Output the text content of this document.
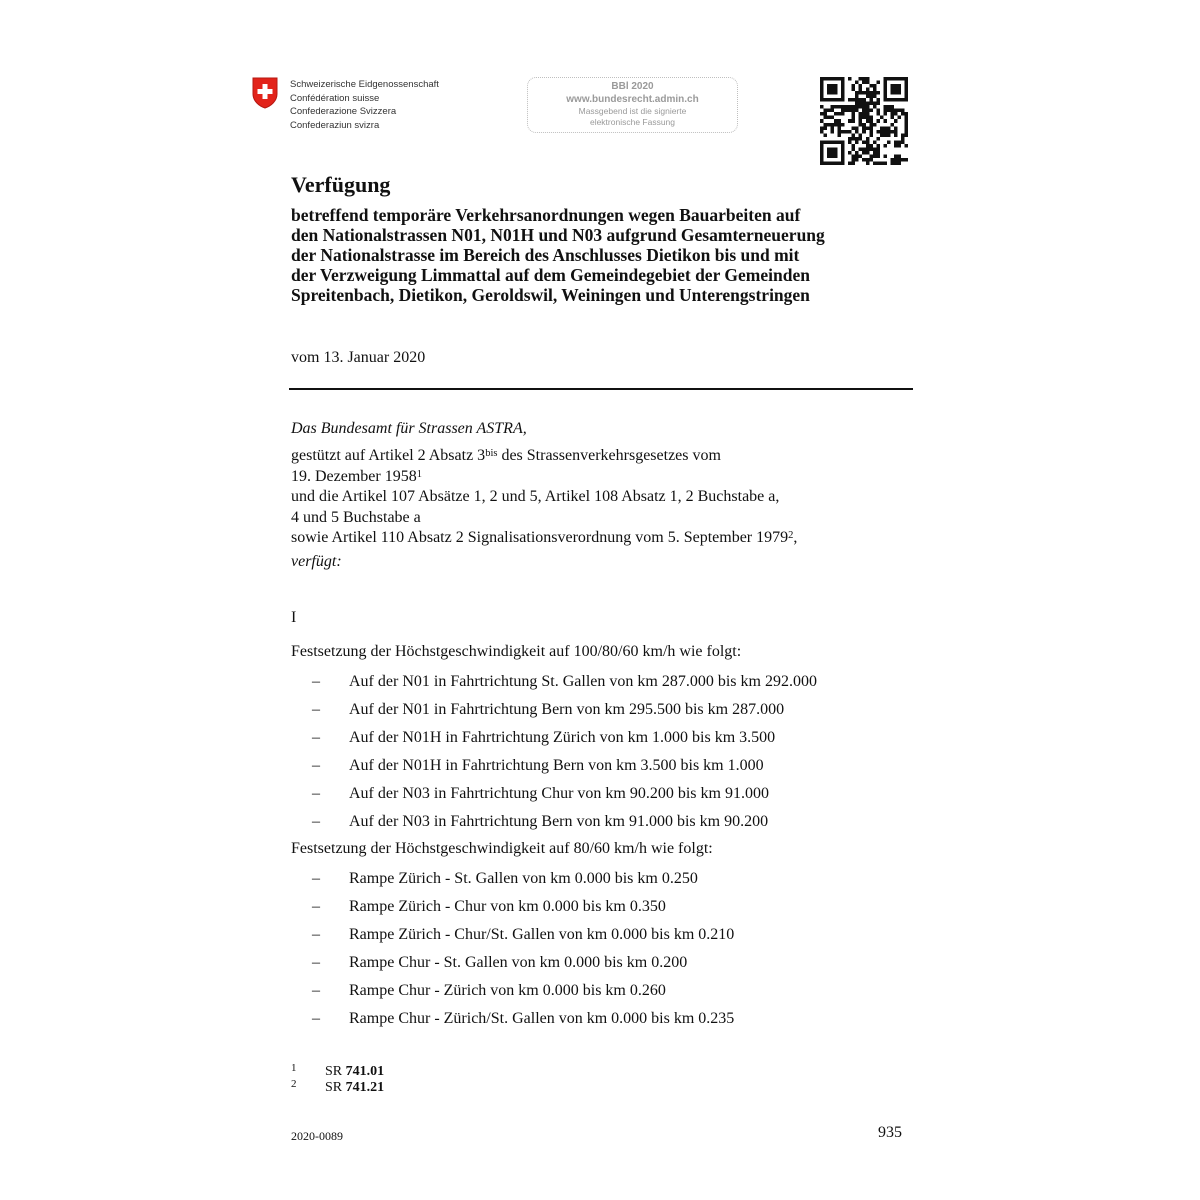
Schweizerische Eidgenossenschaft
Confédération suisse
Confederazione Svizzera
Confederaziun svizra
BBl 2020
www.bundesrecht.admin.ch
Massgebend ist die signierte
elektronische Fassung
Verfügung
betreffend temporäre Verkehrsanordnungen wegen Bauarbeiten auf
den Nationalstrassen N01, N01H und N03 aufgrund Gesamterneuerung
der Nationalstrasse im Bereich des Anschlusses Dietikon bis und mit
der Verzweigung Limmattal auf dem Gemeindegebiet der Gemeinden
Spreitenbach, Dietikon, Geroldswil, Weiningen und Unterengstringen
vom 13. Januar 2020
Das Bundesamt für Strassen ASTRA,
gestützt auf Artikel 2 Absatz $3^{bis}$ des Strassenverkehrsgesetzes vom
19. Dezember 1958$^1$
und die Artikel 107 Absätze 1, 2 und 5, Artikel 108 Absatz 1, 2 Buchstabe a,
4 und 5 Buchstabe a
sowie Artikel 110 Absatz 2 Signalisationsverordnung vom 5. September 1979$^2$,
verfügt:
I
Festsetzung der Höchstgeschwindigkeit auf 100/80/60 km/h wie folgt:
– Auf der N01 in Fahrtrichtung St. Gallen von km 287.000 bis km 292.000
– Auf der N01 in Fahrtrichtung Bern von km 295.500 bis km 287.000
– Auf der N01H in Fahrtrichtung Zürich von km 1.000 bis km 3.500
– Auf der N01H in Fahrtrichtung Bern von km 3.500 bis km 1.000
– Auf der N03 in Fahrtrichtung Chur von km 90.200 bis km 91.000
– Auf der N03 in Fahrtrichtung Bern von km 91.000 bis km 90.200
Festsetzung der Höchstgeschwindigkeit auf 80/60 km/h wie folgt:
– Rampe Zürich - St. Gallen von km 0.000 bis km 0.250
– Rampe Zürich - Chur von km 0.000 bis km 0.350
– Rampe Zürich - Chur/St. Gallen von km 0.000 bis km 0.210
– Rampe Chur - St. Gallen von km 0.000 bis km 0.200
– Rampe Chur - Zürich von km 0.000 bis km 0.260
– Rampe Chur - Zürich/St. Gallen von km 0.000 bis km 0.235
1 SR 741.01
2 SR 741.21
2020-0089	935
